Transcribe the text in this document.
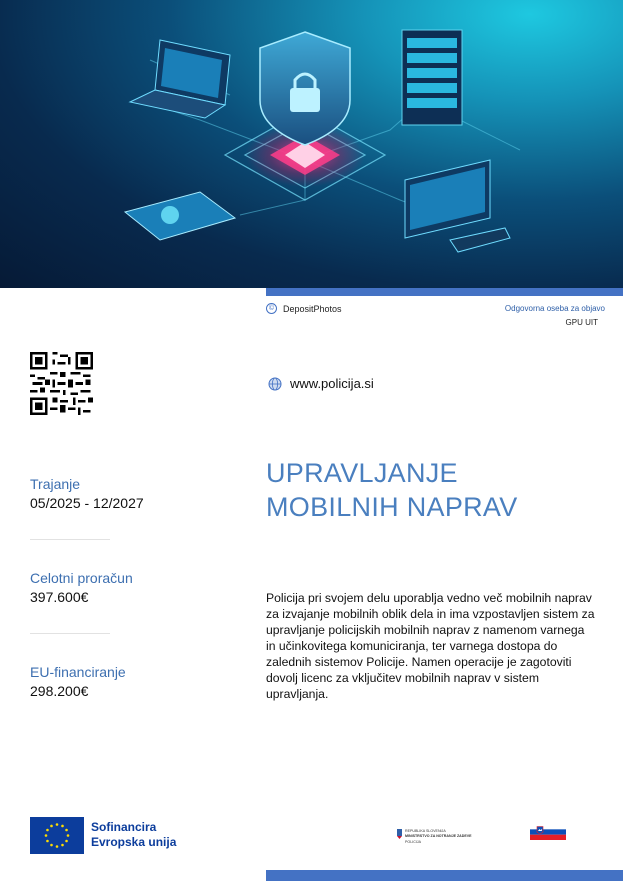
© DepositPhotos	Odgovorna oseba za objavo
GPU UIT
www.policija.si
UPRAVLJANJE
MOBILNIH NAPRAV
Policija pri svojem delu uporablja vedno več mobilnih naprav za izvajanje mobilnih oblik dela in ima vzpostavljen sistem za upravljanje policijskih mobilnih naprav z namenom varnega in učinkovitega komuniciranja, ter varnega dostopa do zalednih sistemov Policije. Namen operacije je zagotoviti dovolj licenc za vključitev mobilnih naprav v sistem upravljanja.
Trajanje
05/2025 - 12/2027
Celotni proračun
397.600€
EU-financiranje
298.200€
Sofinancira
Evropska unija
REPUBLIKA SLOVENIJA
MINISTRSTVO ZA NOTRANJE ZADEVE
POLICIJA
